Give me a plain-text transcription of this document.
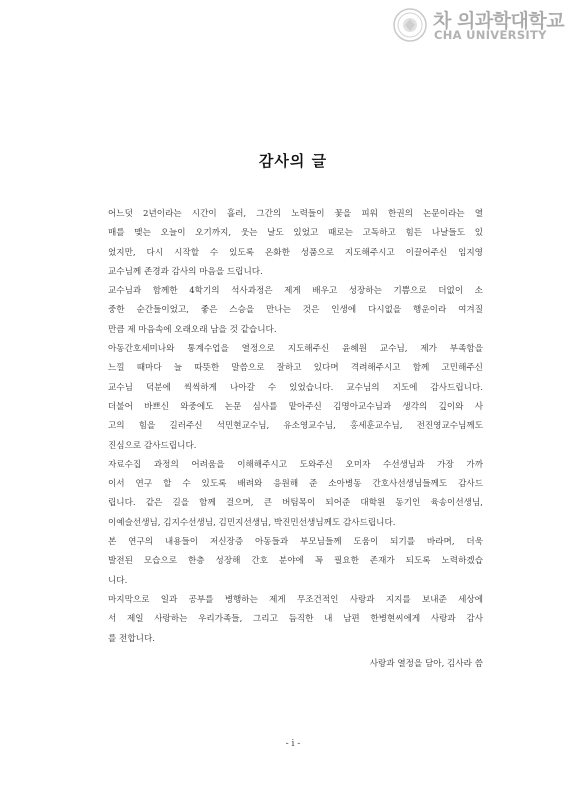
차 의과학대학교
CHA UNIVERSITY
감사의 글
어느덧 2년이라는 시간이 흘러, 그간의 노력들이 꽃을 피워 한권의 논문이라는 열
매를 맺는 오늘이 오기까지, 웃는 날도 있었고 때로는 고독하고 힘든 나날들도 있
었지만, 다시 시작할 수 있도록 온화한 성품으로 지도해주시고 이끌어주신 임지영
교수님께 존경과 감사의 마음을 드립니다.
교수님과 함께한 4학기의 석사과정은 제게 배우고 성장하는 기쁨으로 더없이 소
중한 순간들이었고, 좋은 스승을 만나는 것은 인생에 다시없을 행운이라 여겨질
만큼 제 마음속에 오래오래 남을 것 같습니다.
아동간호세미나와 통계수업을 열정으로 지도해주신 윤혜원 교수님, 제가 부족함을
느낄 때마다 늘 따뜻한 말씀으로 잘하고 있다며 격려해주시고 함께 고민해주신
교수님 덕분에 씩씩하게 나아갈 수 있었습니다. 교수님의 지도에 감사드립니다.
더불어 바쁘신 와중에도 논문 심사를 맡아주신 김명아교수님과 생각의 깊이와 사
고의 힘을 길러주신 석민현교수님, 유소영교수님, 홍세훈교수님, 전진영교수님께도
진심으로 감사드립니다.
자료수집 과정의 어려움을 이해해주시고 도와주신 오미자 수선생님과 가장 가까
이서 연구 할 수 있도록 배려와 응원해 준 소아병동 간호사선생님들께도 감사드
립니다. 같은 길을 함께 걸으며, 큰 버팀목이 되어준 대학원 동기인 육송이선생님,
이예슬선생님, 김지수선생님, 김민지선생님, 박진민선생님께도 감사드립니다.
본 연구의 내용들이 저신장증 아동들과 부모님들께 도움이 되기를 바라며, 더욱
발전된 모습으로 한층 성장해 간호 분야에 꼭 필요한 존재가 되도록 노력하겠습
니다.
마지막으로 일과 공부를 병행하는 제게 무조건적인 사랑과 지지를 보내준 세상에
서 제일 사랑하는 우리가족들, 그리고 듬직한 내 남편 한병현씨에게 사랑과 감사
를 전합니다.
사랑과 열정을 담아, 김사라 씀
- i -
